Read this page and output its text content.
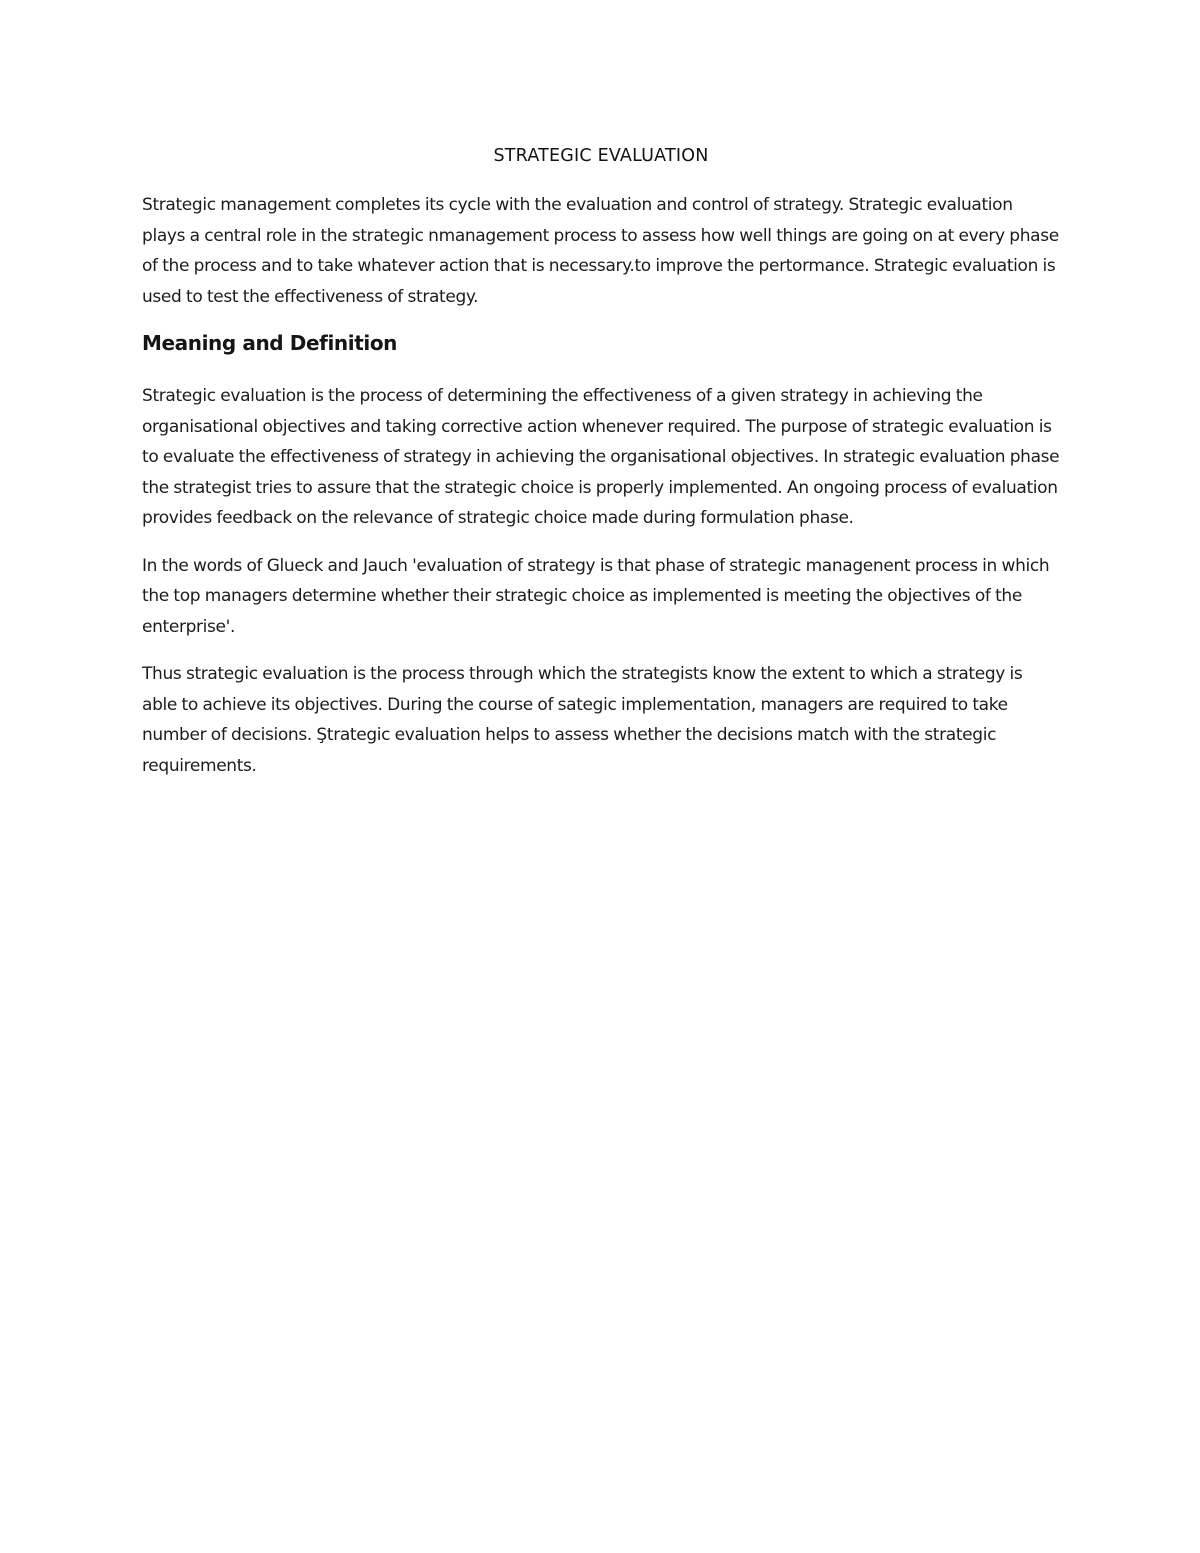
STRATEGIC EVALUATION

Strategic management completes its cycle with the evaluation and control of strategy. Strategic evaluation plays a central role in the strategic nmanagement process to assess how well things are going on at every phase of the process and to take whatever action that is necessary.to improve the pertormance. Strategic evaluation is used to test the effectiveness of strategy.

Meaning and Definition

Strategic evaluation is the process of determining the effectiveness of a given strategy in achieving the organisational objectives and taking corrective action whenever required. The purpose of strategic evaluation is to evaluate the effectiveness of strategy in achieving the organisational objectives. In strategic evaluation phase the strategist tries to assure that the strategic choice is properly implemented. An ongoing process of evaluation provides feedback on the relevance of strategic choice made during formulation phase.

In the words of Glueck and Jauch 'evaluation of strategy is that phase of strategic managenent process in which the top managers determine whether their strategic choice as implemented is meeting the objectives of the enterprise'.

Thus strategic evaluation is the process through which the strategists know the extent to which a strategy is able to achieve its objectives. During the course of sategic implementation, managers are required to take number of decisions. Ştrategic evaluation helps to assess whether the decisions match with the strategic requirements.
